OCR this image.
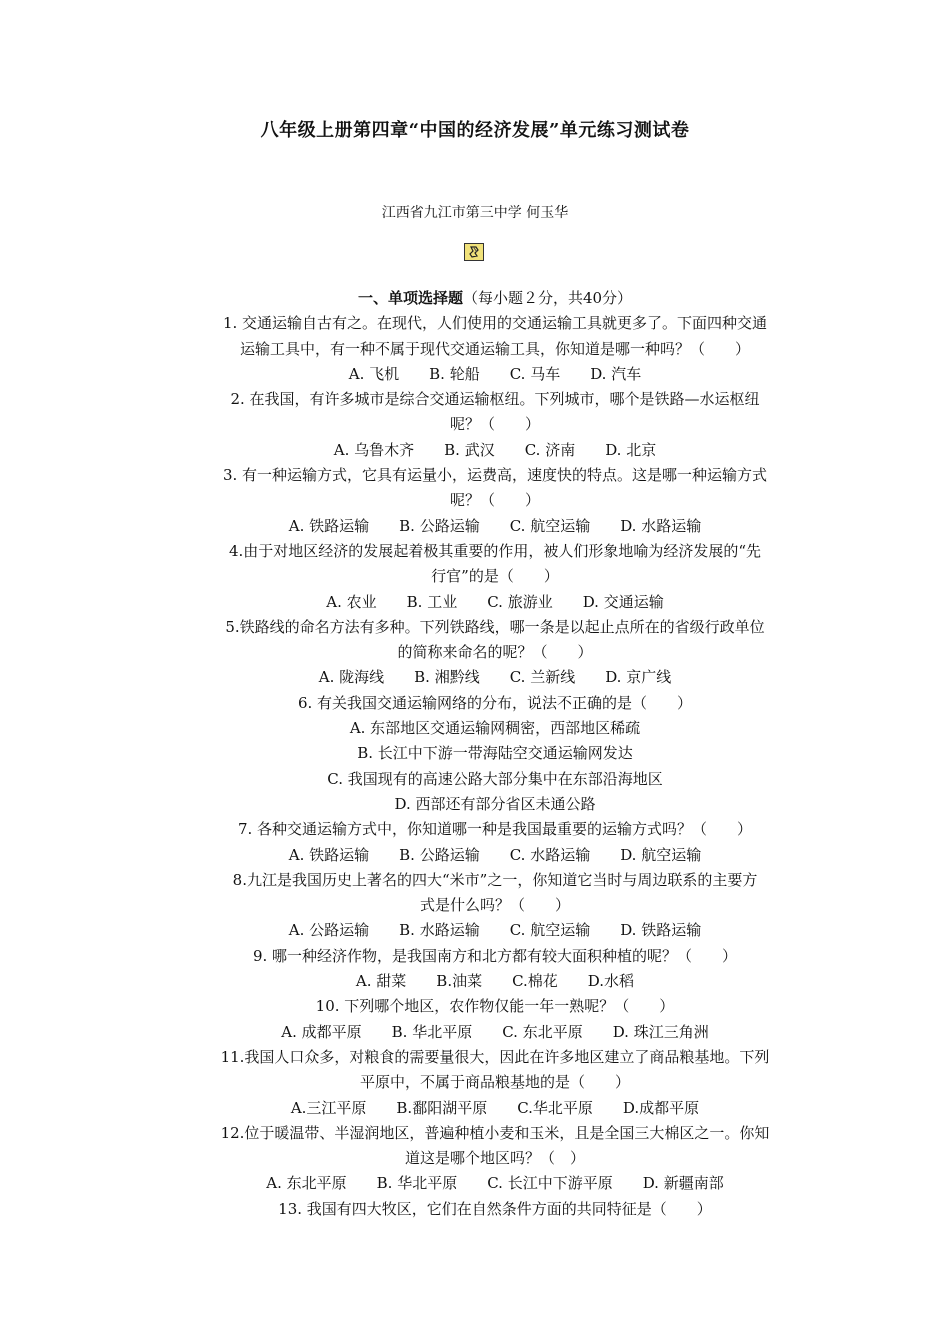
八年级上册第四章“中国的经济发展”单元练习测试卷
江西省九江市第三中学 何玉华
一、单项选择题（每小题２分，共40分）
1. 交通运输自古有之。在现代，人们使用的交通运输工具就更多了。下面四种交通
运输工具中，有一种不属于现代交通运输工具，你知道是哪一种吗？（　　）
A. 飞机　　B. 轮船　　C. 马车　　D. 汽车
2. 在我国，有许多城市是综合交通运输枢纽。下列城市，哪个是铁路—水运枢纽
呢？（　　）
A. 乌鲁木齐　　B. 武汉　　C. 济南　　D. 北京
3. 有一种运输方式，它具有运量小，运费高，速度快的特点。这是哪一种运输方式
呢？（　　）
A. 铁路运输　　B. 公路运输　　C. 航空运输　　D. 水路运输
4.由于对地区经济的发展起着极其重要的作用，被人们形象地喻为经济发展的“先
行官”的是（　　）
A. 农业　　B. 工业　　C. 旅游业　　D. 交通运输
5.铁路线的命名方法有多种。下列铁路线，哪一条是以起止点所在的省级行政单位
的简称来命名的呢？（　　）
A. 陇海线　　B. 湘黔线　　C. 兰新线　　D. 京广线
6. 有关我国交通运输网络的分布，说法不正确的是（　　）
A. 东部地区交通运输网稠密，西部地区稀疏
B. 长江中下游一带海陆空交通运输网发达
C. 我国现有的高速公路大部分集中在东部沿海地区
D. 西部还有部分省区未通公路
7. 各种交通运输方式中，你知道哪一种是我国最重要的运输方式吗？（　　）
A. 铁路运输　　B. 公路运输　　C. 水路运输　　D. 航空运输
8.九江是我国历史上著名的四大“米市”之一，你知道它当时与周边联系的主要方
式是什么吗？（　　）
A. 公路运输　　B. 水路运输　　C. 航空运输　　D. 铁路运输
9. 哪一种经济作物，是我国南方和北方都有较大面积种植的呢？（　　）
A. 甜菜　　B.油菜　　C.棉花　　D.水稻
10. 下列哪个地区，农作物仅能一年一熟呢？（　　）
A. 成都平原　　B. 华北平原　　C. 东北平原　　D. 珠江三角洲
11.我国人口众多，对粮食的需要量很大，因此在许多地区建立了商品粮基地。下列
平原中，不属于商品粮基地的是（　　）
A.三江平原　　B.鄱阳湖平原　　C.华北平原　　D.成都平原
12.位于暖温带、半湿润地区，普遍种植小麦和玉米，且是全国三大棉区之一。你知
道这是哪个地区吗？（　）
A. 东北平原　　B. 华北平原　　C. 长江中下游平原　　D. 新疆南部
13. 我国有四大牧区，它们在自然条件方面的共同特征是（　　）
